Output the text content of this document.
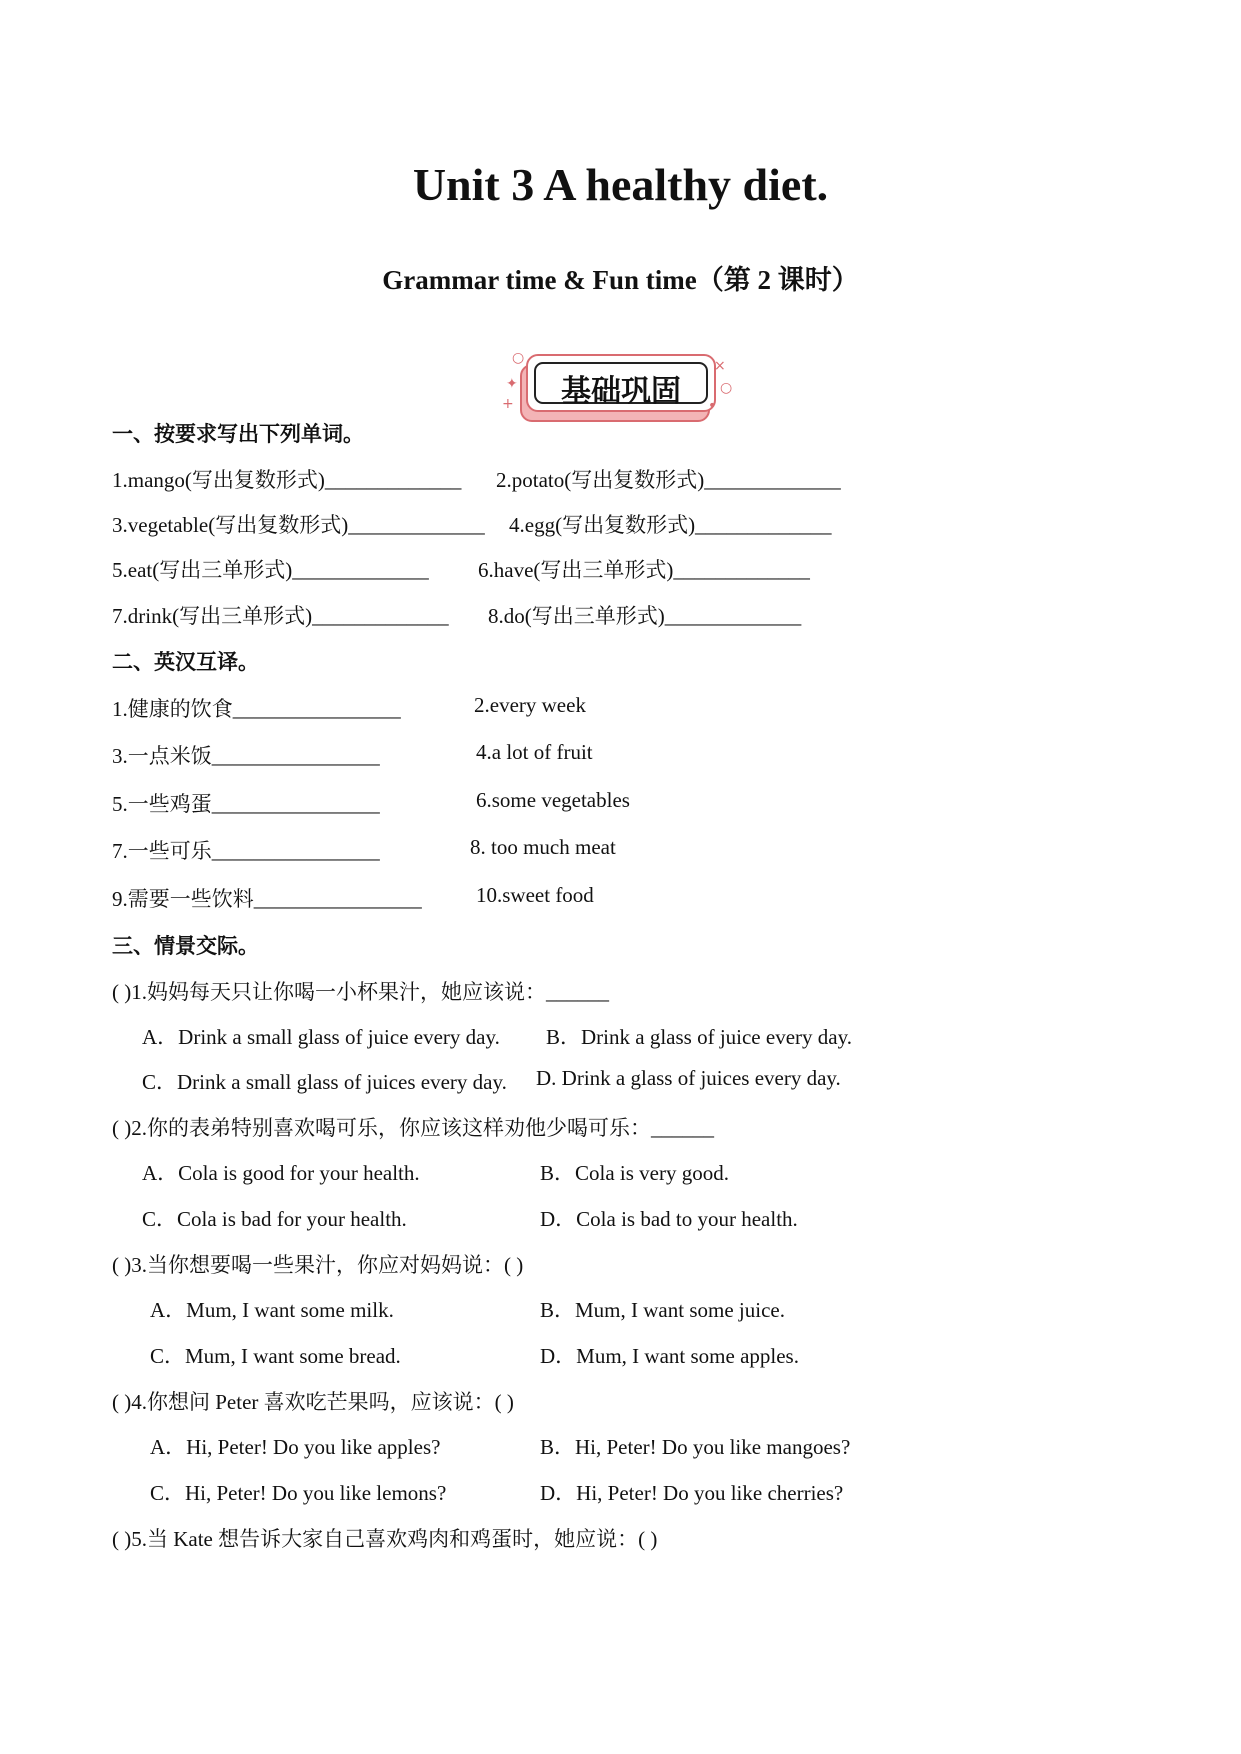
Unit 3 A healthy diet.
Grammar time & Fun time（第 2 课时）
基础巩固
○
✦
+
×
○
•
一、按要求写出下列单词。
1.mango(写出复数形式)_____________ 2.potato(写出复数形式)_____________
3.vegetable(写出复数形式)_____________ 4.egg(写出复数形式)_____________
5.eat(写出三单形式)_____________ 6.have(写出三单形式)_____________
7.drink(写出三单形式)_____________ 8.do(写出三单形式)_____________
二、英汉互译。
1.健康的饮食________________	2.every week
3.一点米饭________________	4.a lot of fruit
5.一些鸡蛋________________	6.some vegetables
7.一些可乐________________	8. too much meat
9.需要一些饮料________________	10.sweet food
三、情景交际。
( )1.妈妈每天只让你喝一小杯果汁，她应该说：______
A．Drink a small glass of juice every day. B．Drink a glass of juice every day.
C．Drink a small glass of juices every day. D. Drink a glass of juices every day.
( )2.你的表弟特别喜欢喝可乐，你应该这样劝他少喝可乐：______
A．Cola is good for your health.	B．Cola is very good.
C．Cola is bad for your health.	D．Cola is bad to your health.
( )3.当你想要喝一些果汁，你应对妈妈说：( )
A．Mum, I want some milk.	B．Mum, I want some juice.
C．Mum, I want some bread.	D．Mum, I want some apples.
( )4.你想问 Peter 喜欢吃芒果吗，应该说：( )
A．Hi, Peter! Do you like apples?	B．Hi, Peter! Do you like mangoes?
C．Hi, Peter! Do you like lemons?	D．Hi, Peter! Do you like cherries?
( )5.当 Kate 想告诉大家自己喜欢鸡肉和鸡蛋时，她应说：( )
